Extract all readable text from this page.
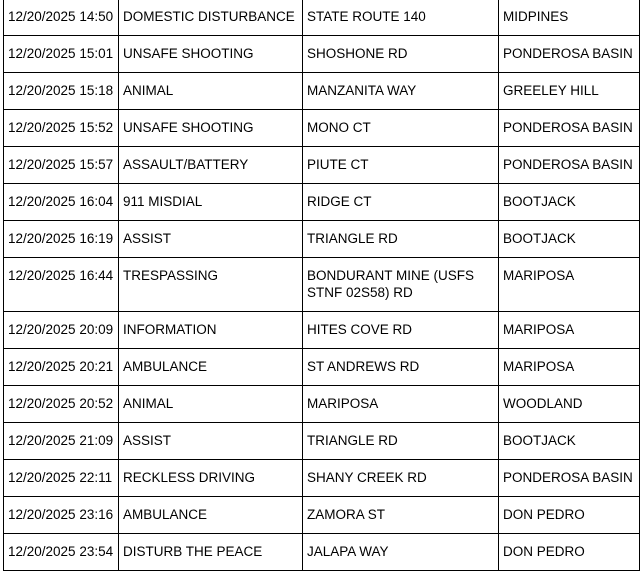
12/20/2025 14:50	DOMESTIC DISTURBANCE	STATE ROUTE 140	MIDPINES
12/20/2025 15:01	UNSAFE SHOOTING	SHOSHONE RD	PONDEROSA BASIN
12/20/2025 15:18	ANIMAL	MANZANITA WAY	GREELEY HILL
12/20/2025 15:52	UNSAFE SHOOTING	MONO CT	PONDEROSA BASIN
12/20/2025 15:57	ASSAULT/BATTERY	PIUTE CT	PONDEROSA BASIN
12/20/2025 16:04	911 MISDIAL	RIDGE CT	BOOTJACK
12/20/2025 16:19	ASSIST	TRIANGLE RD	BOOTJACK
12/20/2025 16:44	TRESPASSING	BONDURANT MINE (USFS STNF 02S58) RD	MARIPOSA
12/20/2025 20:09	INFORMATION	HITES COVE RD	MARIPOSA
12/20/2025 20:21	AMBULANCE	ST ANDREWS RD	MARIPOSA
12/20/2025 20:52	ANIMAL	MARIPOSA	WOODLAND
12/20/2025 21:09	ASSIST	TRIANGLE RD	BOOTJACK
12/20/2025 22:11	RECKLESS DRIVING	SHANY CREEK RD	PONDEROSA BASIN
12/20/2025 23:16	AMBULANCE	ZAMORA ST	DON PEDRO
12/20/2025 23:54	DISTURB THE PEACE	JALAPA WAY	DON PEDRO
